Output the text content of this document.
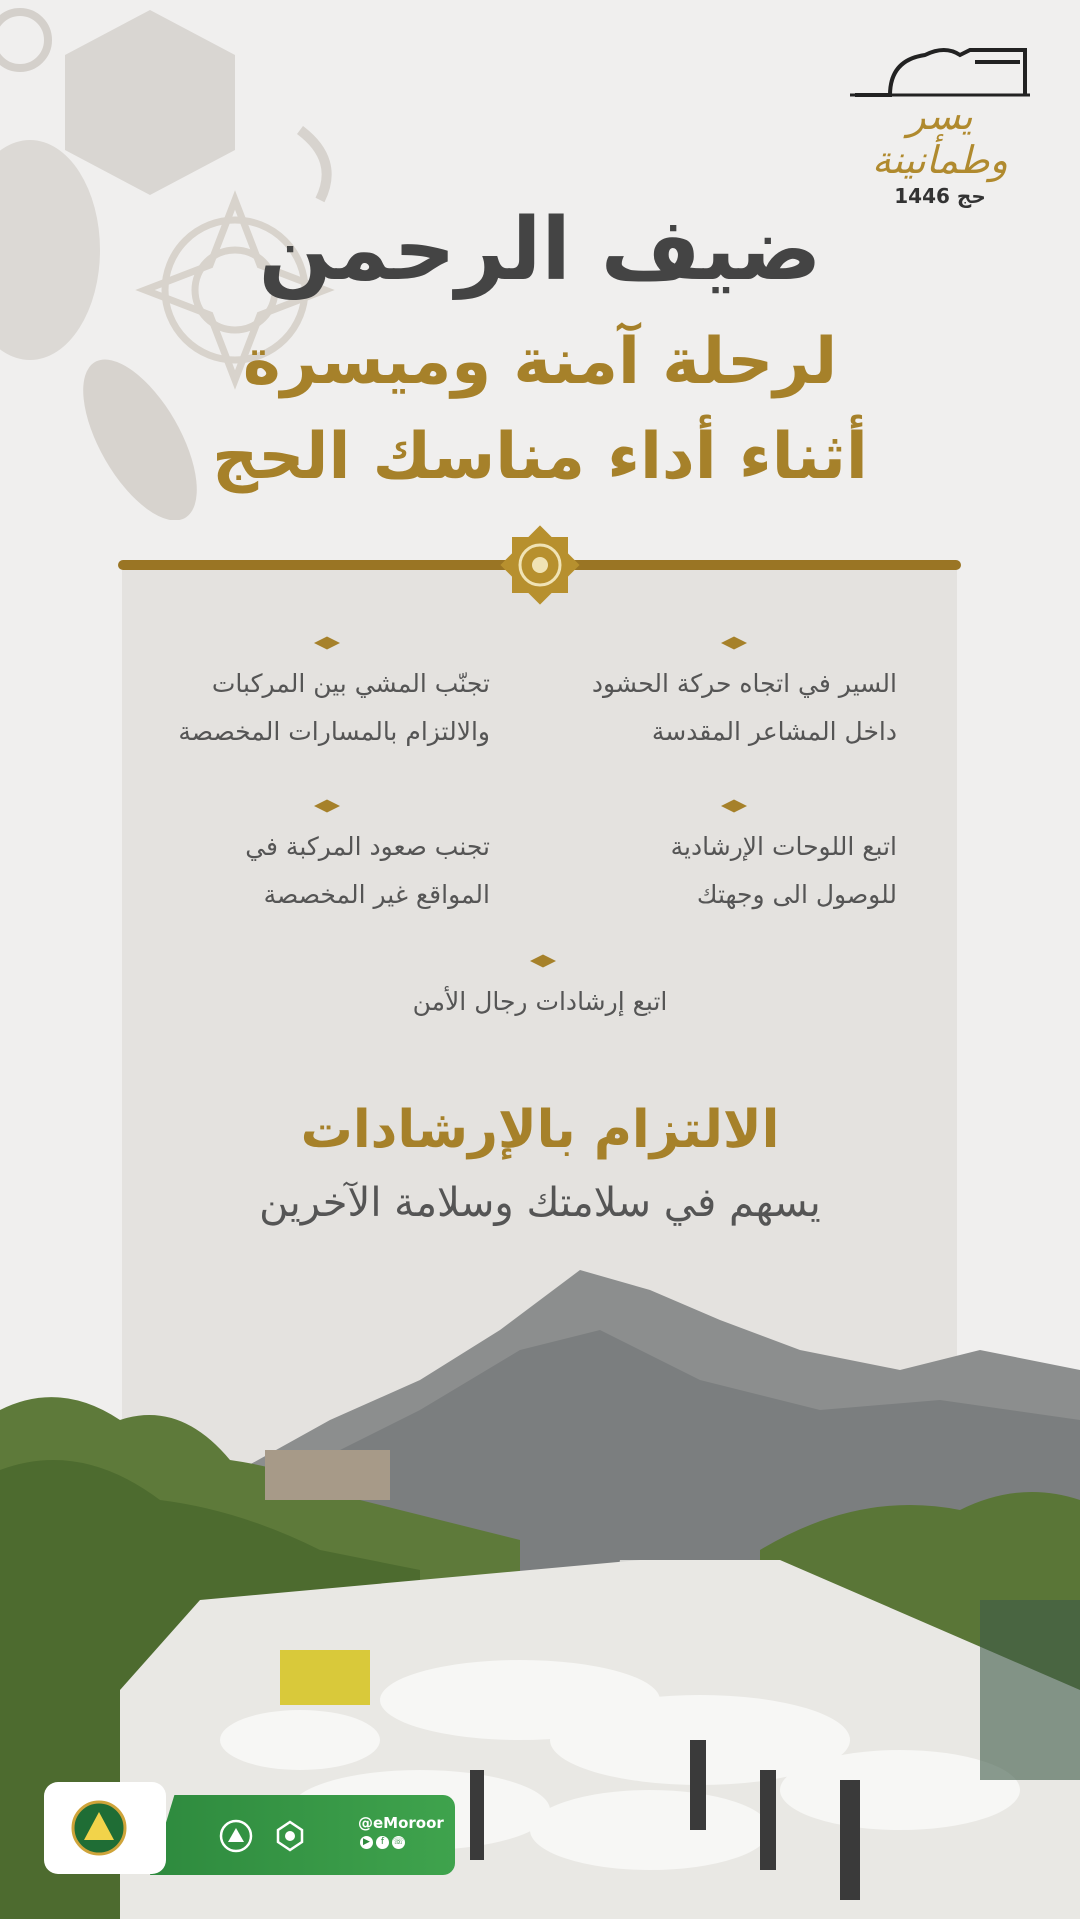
يسر وطمأنينة
حج 1446
ضيف الرحمن
لرحلة آمنة وميسرة
أثناء أداء مناسك الحج
السير في اتجاه حركة الحشود
داخل المشاعر المقدسة
تجنّب المشي بين المركبات
والالتزام بالمسارات المخصصة
اتبع اللوحات الإرشادية
للوصول الى وجهتك
تجنب صعود المركبة في
المواقع غير المخصصة
اتبع إرشادات رجال الأمن
الالتزام بالإرشادات
يسهم في سلامتك وسلامة الآخرين
@eMoroor
☏
f
▶
